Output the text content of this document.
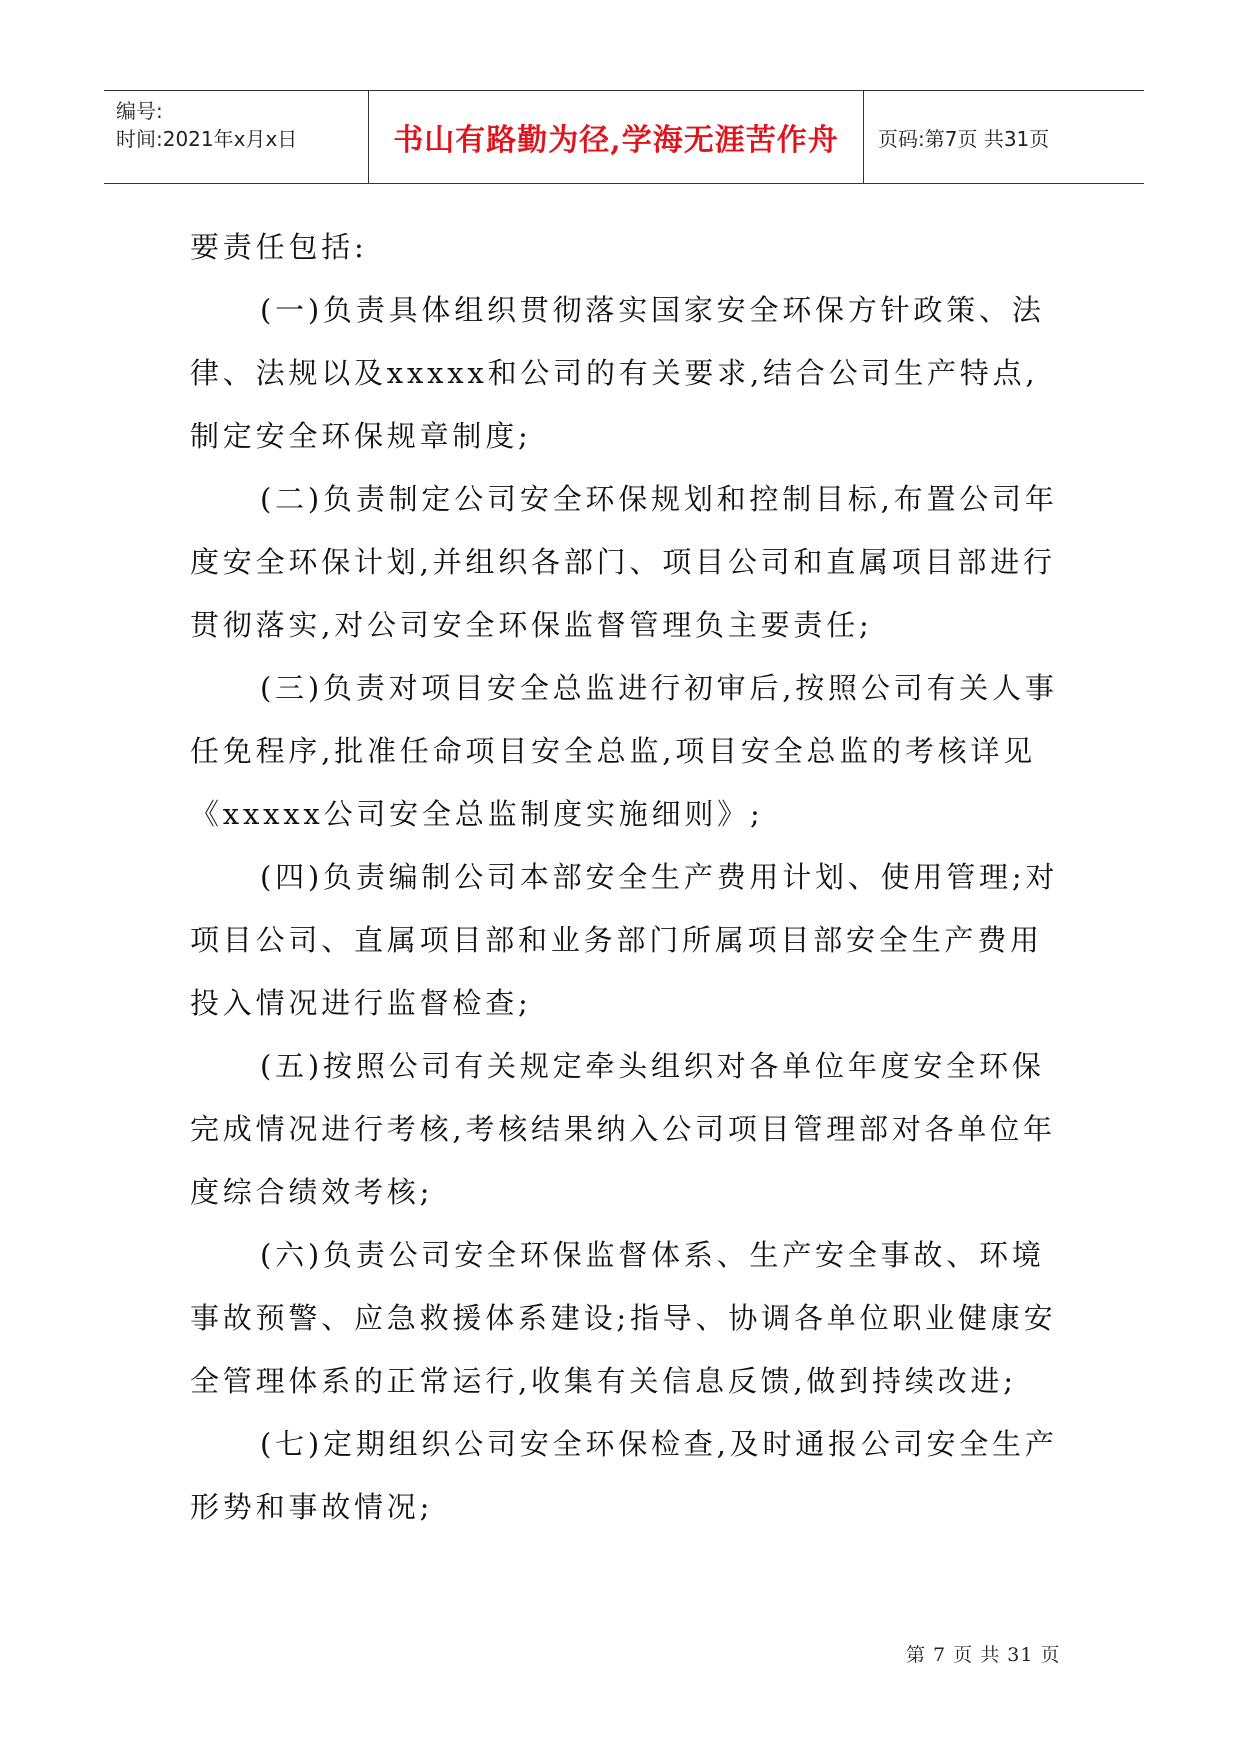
编号:
时间:2021年x月x日	书山有路勤为径,学海无涯苦作舟 页码:第7页 共31页

要责任包括:

(一)负责具体组织贯彻落实国家安全环保方针政策、法律、法规以及xxxxx和公司的有关要求,结合公司生产特点,制定安全环保规章制度;

(二)负责制定公司安全环保规划和控制目标,布置公司年度安全环保计划,并组织各部门、项目公司和直属项目部进行贯彻落实,对公司安全环保监督管理负主要责任;

(三)负责对项目安全总监进行初审后,按照公司有关人事任免程序,批准任命项目安全总监,项目安全总监的考核详见《xxxxx公司安全总监制度实施细则》;

(四)负责编制公司本部安全生产费用计划、使用管理;对项目公司、直属项目部和业务部门所属项目部安全生产费用投入情况进行监督检查;

(五)按照公司有关规定牵头组织对各单位年度安全环保完成情况进行考核,考核结果纳入公司项目管理部对各单位年度综合绩效考核;

(六)负责公司安全环保监督体系、生产安全事故、环境事故预警、应急救援体系建设;指导、协调各单位职业健康安全管理体系的正常运行,收集有关信息反馈,做到持续改进;

(七)定期组织公司安全环保检查,及时通报公司安全生产形势和事故情况;

第 7 页 共 31 页
